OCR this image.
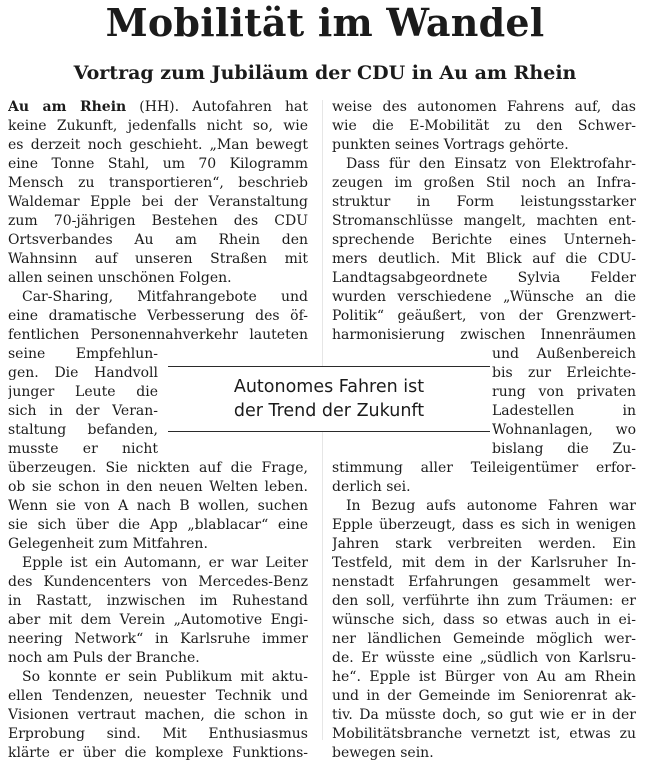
Mobilität im Wandel
Vortrag zum Jubiläum der CDU in Au am Rhein
Au am Rhein (HH). Autofahren hat
keine Zukunft, jedenfalls nicht so, wie
es derzeit noch geschieht. „Man bewegt
eine Tonne Stahl, um 70 Kilogramm
Mensch zu transportieren“, beschrieb
Waldemar Epple bei der Veranstaltung
zum 70-jährigen Bestehen des CDU
Ortsverbandes Au am Rhein den
Wahnsinn auf unseren Straßen mit
allen seinen unschönen Folgen.
Car-Sharing, Mitfahrangebote und
eine dramatische Verbesserung des öf-
fentlichen Personennahverkehr lauteten
seine Empfehlun-
gen. Die Handvoll
junger Leute die
sich in der Veran-
staltung befanden,
musste er nicht
überzeugen. Sie nickten auf die Frage,
ob sie schon in den neuen Welten leben.
Wenn sie von A nach B wollen, suchen
sie sich über die App „blablacar“ eine
Gelegenheit zum Mitfahren.
Epple ist ein Automann, er war Leiter
des Kundencenters von Mercedes-Benz
in Rastatt, inzwischen im Ruhestand
aber mit dem Verein „Automotive Engi-
neering Network“ in Karlsruhe immer
noch am Puls der Branche.
So konnte er sein Publikum mit aktu-
ellen Tendenzen, neuester Technik und
Visionen vertraut machen, die schon in
Erprobung sind. Mit Enthusiasmus
klärte er über die komplexe Funktions-
weise des autonomen Fahrens auf, das
wie die E-Mobilität zu den Schwer-
punkten seines Vortrags gehörte.
Dass für den Einsatz von Elektrofahr-
zeugen im großen Stil noch an Infra-
struktur in Form leistungsstarker
Stromanschlüsse mangelt, machten ent-
sprechende Berichte eines Unterneh-
mers deutlich. Mit Blick auf die CDU-
Landtagsabgeordnete Sylvia Felder
wurden verschiedene „Wünsche an die
Politik“ geäußert, von der Grenzwert-
harmonisierung zwischen Innenräumen
und Außenbereich
bis zur Erleichte-
rung von privaten
Ladestellen in
Wohnanlagen, wo
bislang die Zu-
stimmung aller Teileigentümer erfor-
derlich sei.
In Bezug aufs autonome Fahren war
Epple überzeugt, dass es sich in wenigen
Jahren stark verbreiten werden. Ein
Testfeld, mit dem in der Karlsruher In-
nenstadt Erfahrungen gesammelt wer-
den soll, verführte ihn zum Träumen: er
wünsche sich, dass so etwas auch in ei-
ner ländlichen Gemeinde möglich wer-
de. Er wüsste eine „südlich von Karlsru-
he“. Epple ist Bürger von Au am Rhein
und in der Gemeinde im Seniorenrat ak-
tiv. Da müsste doch, so gut wie er in der
Mobilitätsbranche vernetzt ist, etwas zu
bewegen sein.
Autonomes Fahren ist
der Trend der Zukunft
